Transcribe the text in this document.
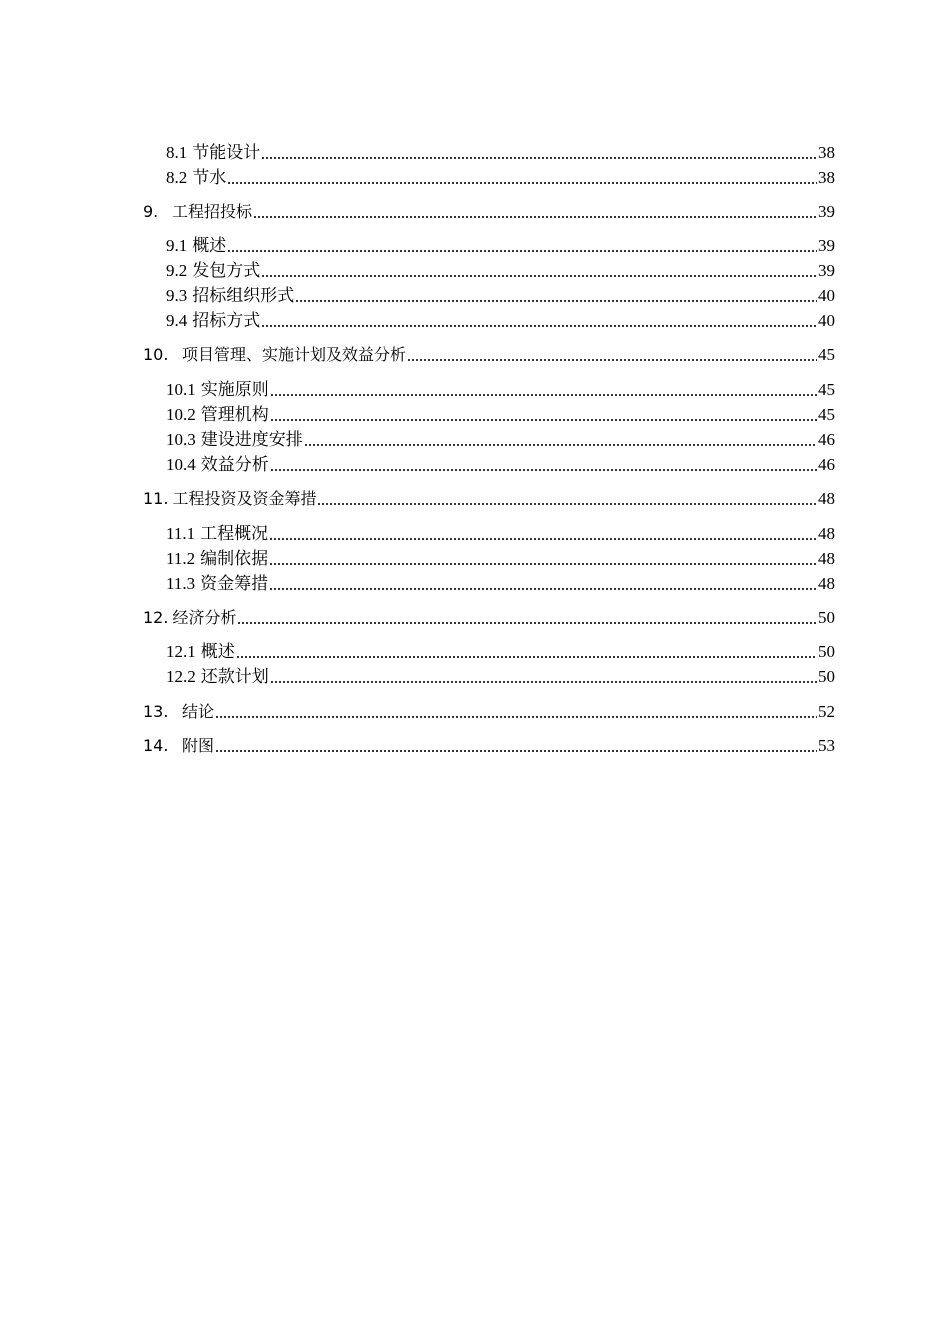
8.1 节能设计	38
8.2 节水	38
9. 工程招投标	39
9.1 概述	39
9.2 发包方式	39
9.3 招标组织形式	40
9.4 招标方式	40
10. 项目管理、实施计划及效益分析	45
10.1 实施原则	45
10.2 管理机构	45
10.3 建设进度安排	46
10.4 效益分析	46
11. 工程投资及资金筹措	48
11.1 工程概况	48
11.2 编制依据	48
11.3 资金筹措	48
12. 经济分析	50
12.1 概述	50
12.2 还款计划	50
13. 结论	52
14. 附图	53
